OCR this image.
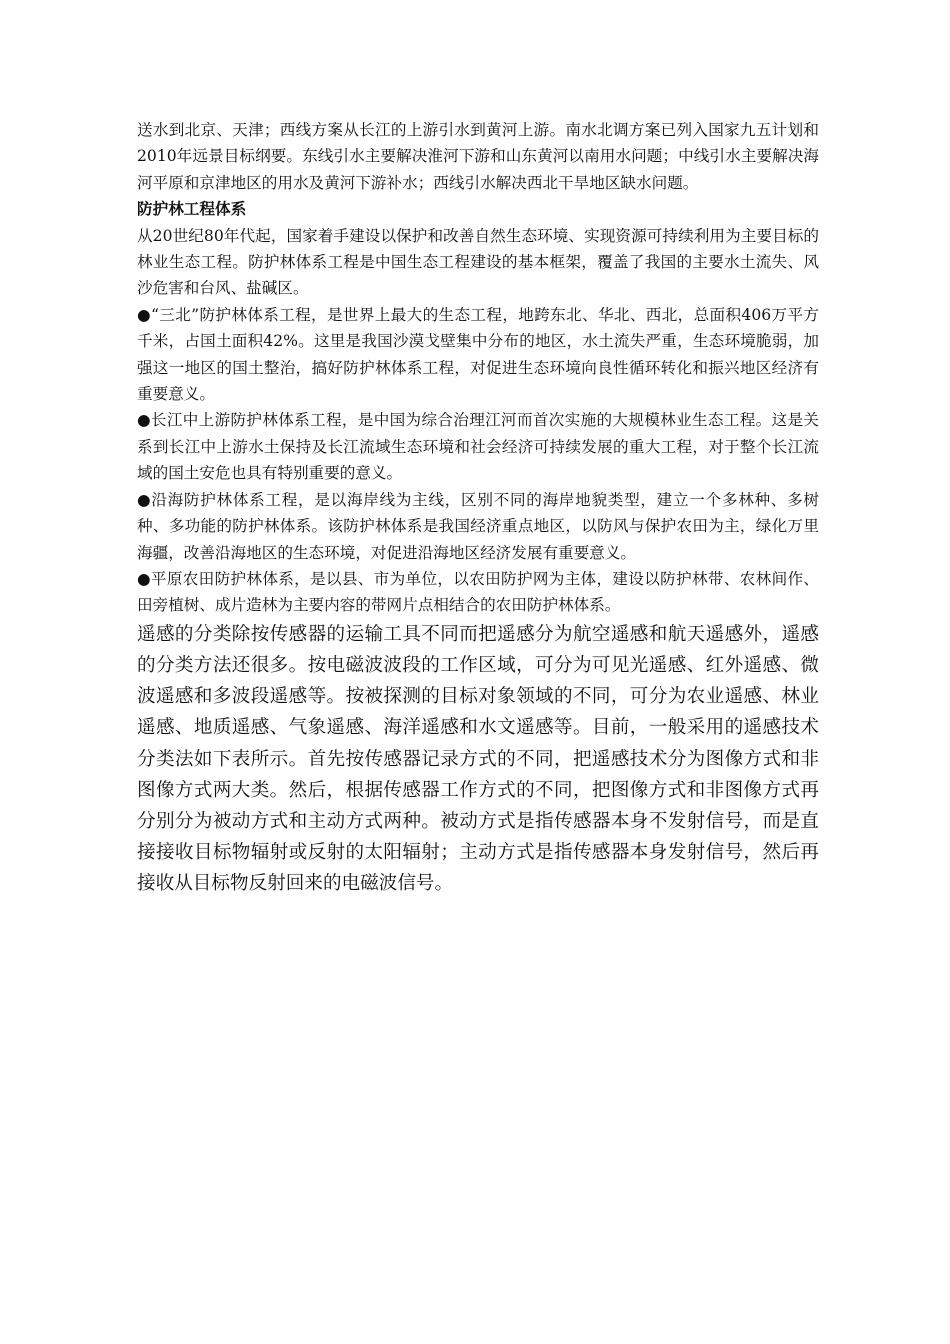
送水到北京、天津；西线方案从长江的上游引水到黄河上游。南水北调方案已列入国家九五计划和2010年远景目标纲要。东线引水主要解决淮河下游和山东黄河以南用水问题；中线引水主要解决海河平原和京津地区的用水及黄河下游补水；西线引水解决西北干旱地区缺水问题。

防护林工程体系

从20世纪80年代起，国家着手建设以保护和改善自然生态环境、实现资源可持续利用为主要目标的林业生态工程。防护林体系工程是中国生态工程建设的基本框架，覆盖了我国的主要水土流失、风沙危害和台风、盐碱区。

●“三北”防护林体系工程，是世界上最大的生态工程，地跨东北、华北、西北，总面积406万平方千米，占国土面积42%。这里是我国沙漠戈壁集中分布的地区，水土流失严重，生态环境脆弱，加强这一地区的国土整治，搞好防护林体系工程，对促进生态环境向良性循环转化和振兴地区经济有重要意义。

●长江中上游防护林体系工程，是中国为综合治理江河而首次实施的大规模林业生态工程。这是关系到长江中上游水土保持及长江流域生态环境和社会经济可持续发展的重大工程，对于整个长江流域的国土安危也具有特别重要的意义。

●沿海防护林体系工程，是以海岸线为主线，区别不同的海岸地貌类型，建立一个多林种、多树种、多功能的防护林体系。该防护林体系是我国经济重点地区，以防风与保护农田为主，绿化万里海疆，改善沿海地区的生态环境，对促进沿海地区经济发展有重要意义。

●平原农田防护林体系，是以县、市为单位，以农田防护网为主体，建设以防护林带、农林间作、田旁植树、成片造林为主要内容的带网片点相结合的农田防护林体系。

遥感的分类除按传感器的运输工具不同而把遥感分为航空遥感和航天遥感外，遥感的分类方法还很多。按电磁波波段的工作区域，可分为可见光遥感、红外遥感、微波遥感和多波段遥感等。按被探测的目标对象领域的不同，可分为农业遥感、林业遥感、地质遥感、气象遥感、海洋遥感和水文遥感等。目前，一般采用的遥感技术分类法如下表所示。首先按传感器记录方式的不同，把遥感技术分为图像方式和非图像方式两大类。然后，根据传感器工作方式的不同，把图像方式和非图像方式再分别分为被动方式和主动方式两种。被动方式是指传感器本身不发射信号，而是直接接收目标物辐射或反射的太阳辐射；主动方式是指传感器本身发射信号，然后再接收从目标物反射回来的电磁波信号。
